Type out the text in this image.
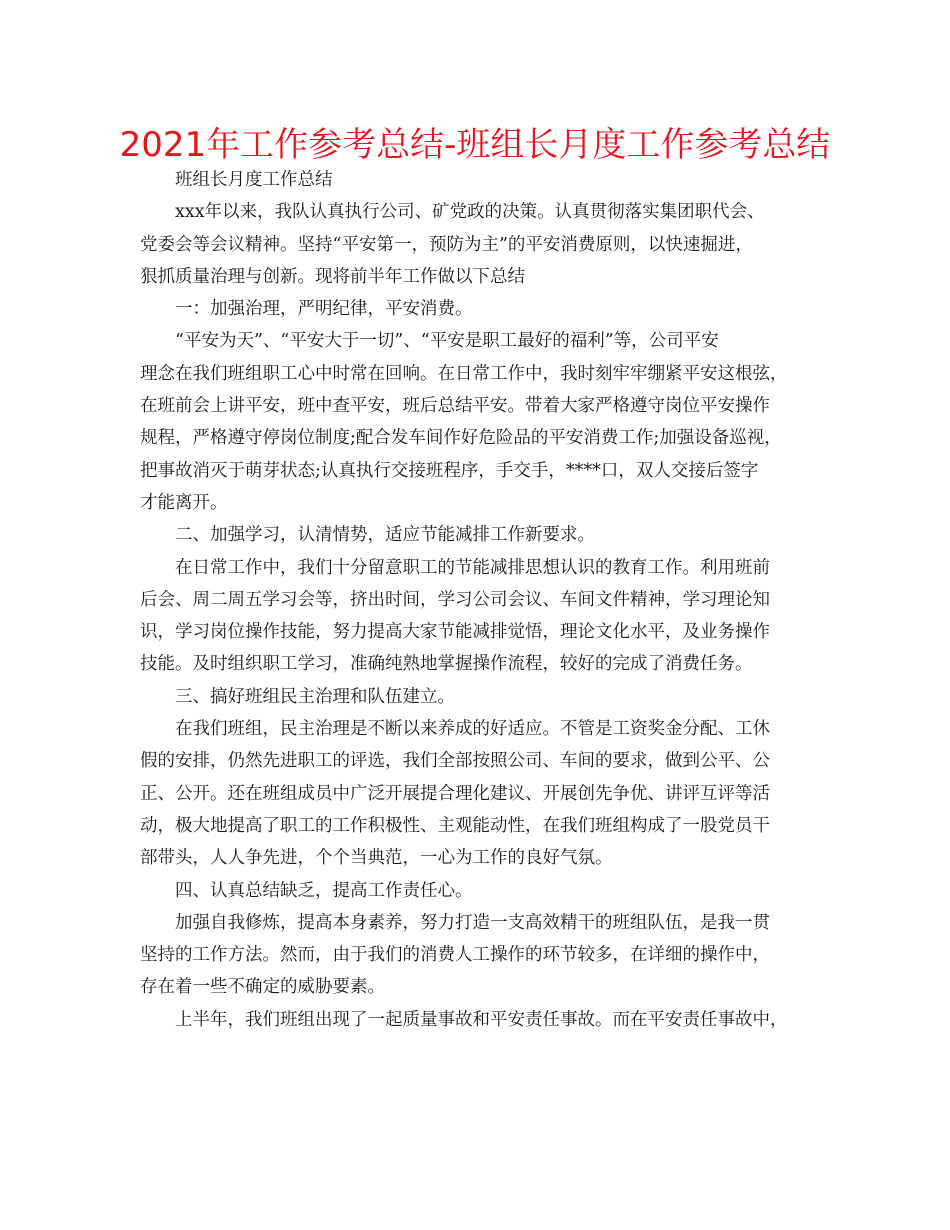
2021年工作参考总结-班组长月度工作参考总结
班组长月度工作总结
xxx年以来，我队认真执行公司、矿党政的决策。认真贯彻落实集团职代会、
党委会等会议精神。坚持“平安第一，预防为主”的平安消费原则，以快速掘进，
狠抓质量治理与创新。现将前半年工作做以下总结
一：加强治理，严明纪律，平安消费。
“平安为天”、“平安大于一切”、“平安是职工最好的福利”等，公司平安
理念在我们班组职工心中时常在回响。在日常工作中，我时刻牢牢绷紧平安这根弦，
在班前会上讲平安，班中查平安，班后总结平安。带着大家严格遵守岗位平安操作
规程，严格遵守停岗位制度;配合发车间作好危险品的平安消费工作;加强设备巡视，
把事故消灭于萌芽状态;认真执行交接班程序，手交手，****口，双人交接后签字
才能离开。
二、加强学习，认清情势，适应节能减排工作新要求。
在日常工作中，我们十分留意职工的节能减排思想认识的教育工作。利用班前
后会、周二周五学习会等，挤出时间，学习公司会议、车间文件精神，学习理论知
识，学习岗位操作技能，努力提高大家节能减排觉悟，理论文化水平，及业务操作
技能。及时组织职工学习，准确纯熟地掌握操作流程，较好的完成了消费任务。
三、搞好班组民主治理和队伍建立。
在我们班组，民主治理是不断以来养成的好适应。不管是工资奖金分配、工休
假的安排，仍然先进职工的评选，我们全部按照公司、车间的要求，做到公平、公
正、公开。还在班组成员中广泛开展提合理化建议、开展创先争优、讲评互评等活
动，极大地提高了职工的工作积极性、主观能动性，在我们班组构成了一股党员干
部带头，人人争先进，个个当典范，一心为工作的良好气氛。
四、认真总结缺乏，提高工作责任心。
加强自我修炼，提高本身素养，努力打造一支高效精干的班组队伍，是我一贯
坚持的工作方法。然而，由于我们的消费人工操作的环节较多，在详细的操作中，
存在着一些不确定的威胁要素。
上半年，我们班组出现了一起质量事故和平安责任事故。而在平安责任事故中，
